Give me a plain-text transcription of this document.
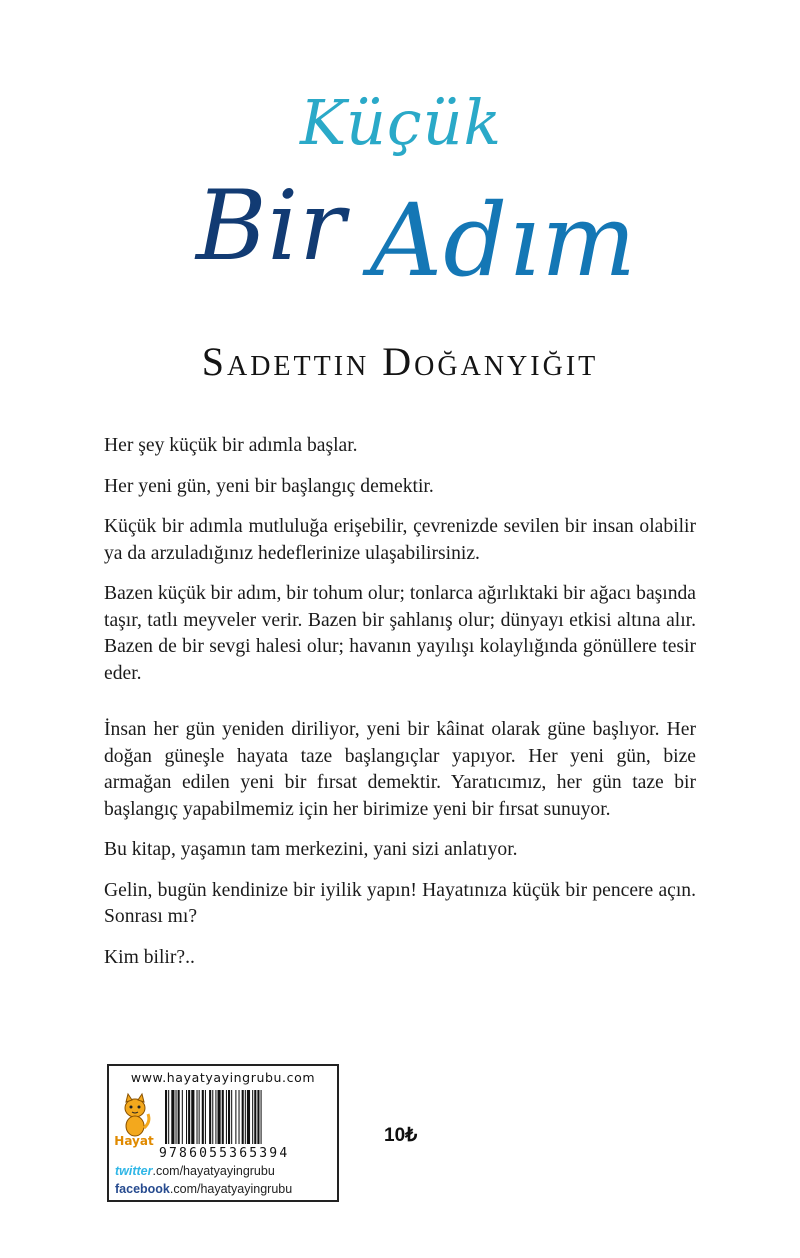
Küçük
Bir Adım
Sadettin Doğanyiğit

Her şey küçük bir adımla başlar.

Her yeni gün, yeni bir başlangıç demektir.

Küçük bir adımla mutluluğa erişebilir, çevrenizde sevilen bir insan olabilir ya da arzuladığınız hedeflerinize ulaşabilirsiniz.

Bazen küçük bir adım, bir tohum olur; tonlarca ağırlıktaki bir ağacı başında taşır, tatlı meyveler verir. Bazen bir şahlanış olur; dünyayı etkisi altına alır. Bazen de bir sevgi halesi olur; havanın yayılışı kolaylığında gönüllere tesir eder.

İnsan her gün yeniden diriliyor, yeni bir kâinat olarak güne başlıyor. Her doğan güneşle hayata taze başlangıçlar yapıyor. Her yeni gün, bize armağan edilen yeni bir fırsat demektir. Yaratıcımız, her gün taze bir başlangıç yapabilmemiz için her birimize yeni bir fırsat sunuyor.

Bu kitap, yaşamın tam merkezini, yani sizi anlatıyor.

Gelin, bugün kendinize bir iyilik yapın! Hayatınıza küçük bir pencere açın. Sonrası mı?

Kim bilir?..

www.hayatyayingrubu.com
Hayat
9786055365394
twitter.com/hayatyayingrubu
facebook.com/hayatyayingrubu
10₺
